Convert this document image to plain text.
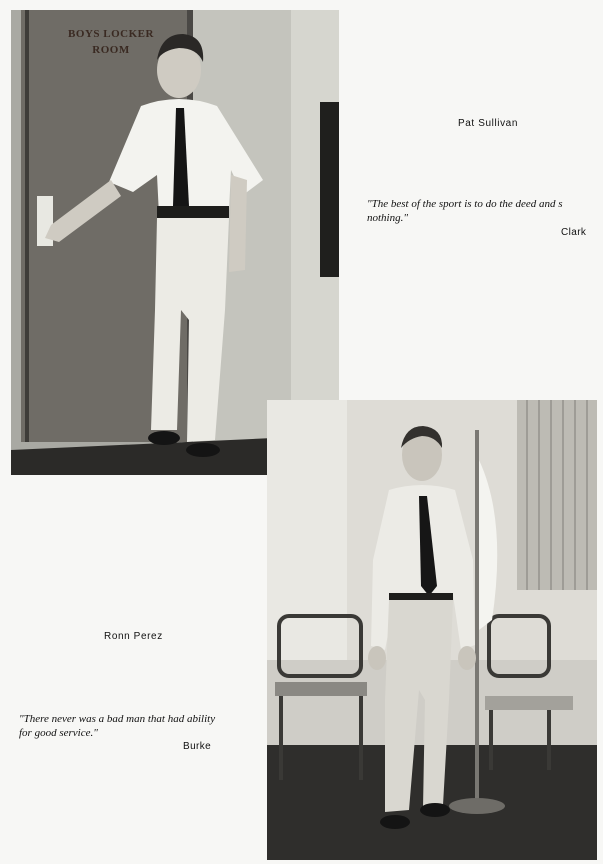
BOYS LOCKER
ROOM
Pat Sullivan
"The best of the sport is to do the deed and s
nothing."
Clark
Ronn Perez
"There never was a bad man that had ability
for good service."
Burke
